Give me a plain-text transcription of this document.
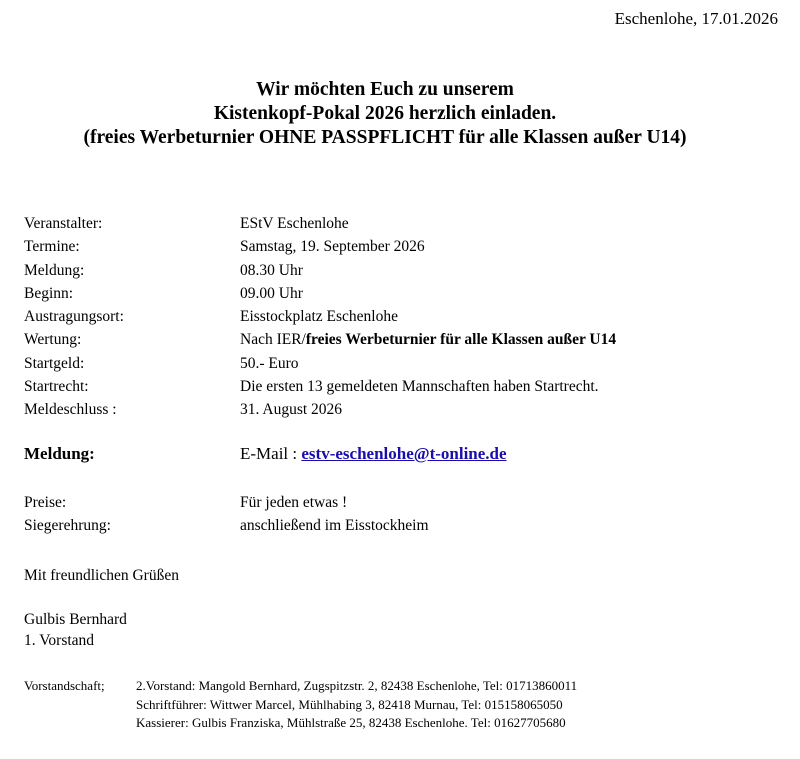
Eschenlohe, 17.01.2026
Wir möchten Euch zu unserem
Kistenkopf-Pokal 2026 herzlich einladen.
(freies Werbeturnier OHNE PASSPFLICHT für alle Klassen außer U14)
Veranstalter:	EStV Eschenlohe
Termine:	Samstag, 19. September 2026
Meldung:	08.30 Uhr
Beginn:	09.00 Uhr
Austragungsort:	Eisstockplatz Eschenlohe
Wertung:	Nach IER/freies Werbeturnier für alle Klassen außer U14
Startgeld:	50.- Euro
Startrecht:	Die ersten 13 gemeldeten Mannschaften haben Startrecht.
Meldeschluss :	31. August 2026
Meldung:	E-Mail : estv-eschenlohe@t-online.de
Preise:	Für jeden etwas !
Siegerehrung:	anschließend im Eisstockheim
Mit freundlichen Grüßen
Gulbis Bernhard
1. Vorstand
Vorstandschaft; 2.Vorstand: Mangold Bernhard, Zugspitzstr. 2, 82438 Eschenlohe, Tel: 01713860011
Schriftführer: Wittwer Marcel, Mühlhabing 3, 82418 Murnau, Tel: 015158065050
Kassierer: Gulbis Franziska, Mühlstraße 25, 82438 Eschenlohe. Tel: 01627705680
